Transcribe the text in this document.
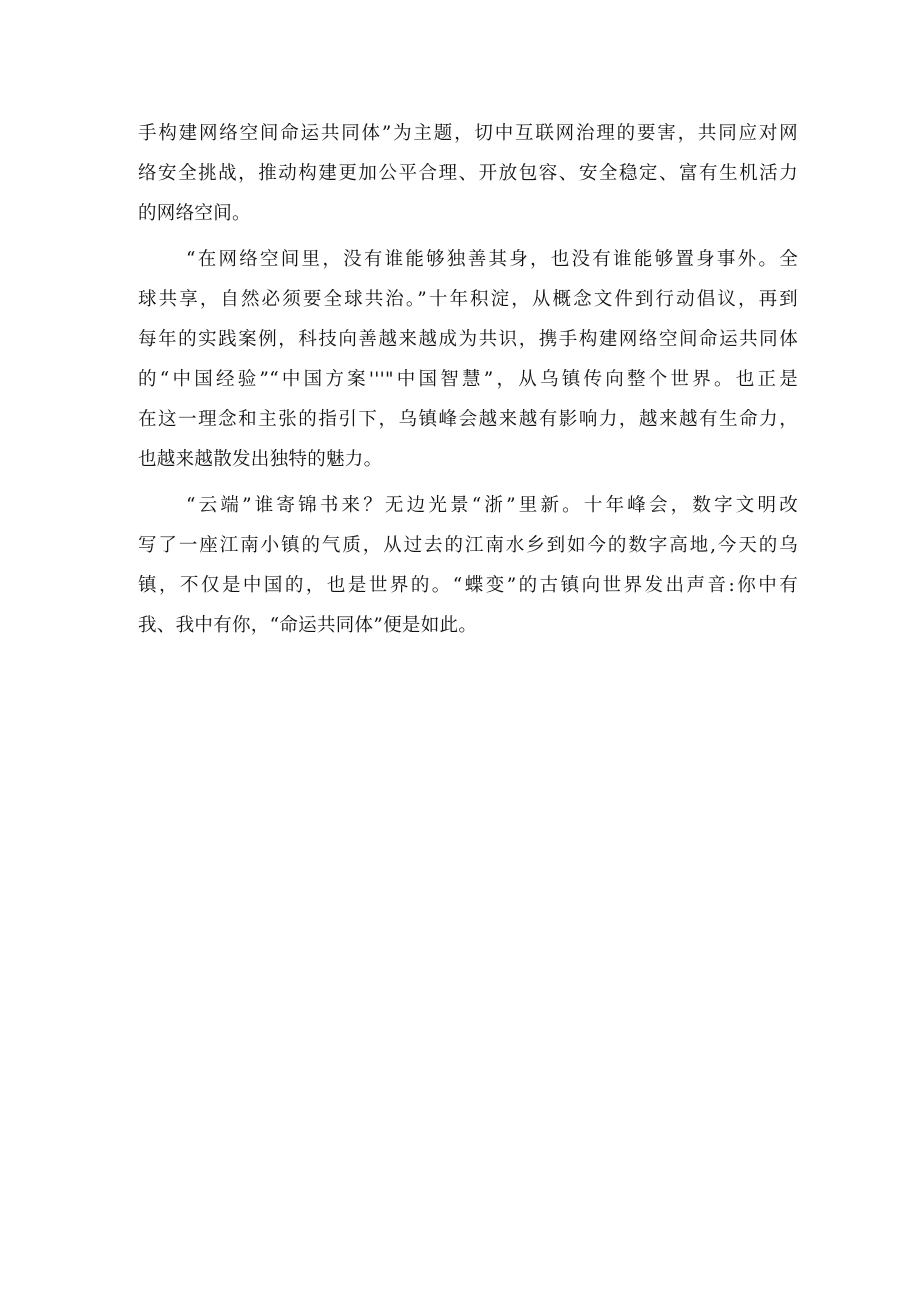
手构建网络空间命运共同体”为主题，切中互联网治理的要害，共同应对网
络安全挑战，推动构建更加公平合理、开放包容、安全稳定、富有生机活力
的网络空间。
“在网络空间里，没有谁能够独善其身，也没有谁能够置身事外。全
球共享，自然必须要全球共治。”十年积淀，从概念文件到行动倡议，再到
每年的实践案例，科技向善越来越成为共识，携手构建网络空间命运共同体
的“中国经验”“中国方案'''"中国智慧”，从乌镇传向整个世界。也正是
在这一理念和主张的指引下，乌镇峰会越来越有影响力，越来越有生命力，
也越来越散发出独特的魅力。
“云端”谁寄锦书来？无边光景“浙”里新。十年峰会，数字文明改
写了一座江南小镇的气质，从过去的江南水乡到如今的数字高地,今天的乌
镇，不仅是中国的，也是世界的。“蝶变”的古镇向世界发出声音:你中有
我、我中有你，“命运共同体”便是如此。
